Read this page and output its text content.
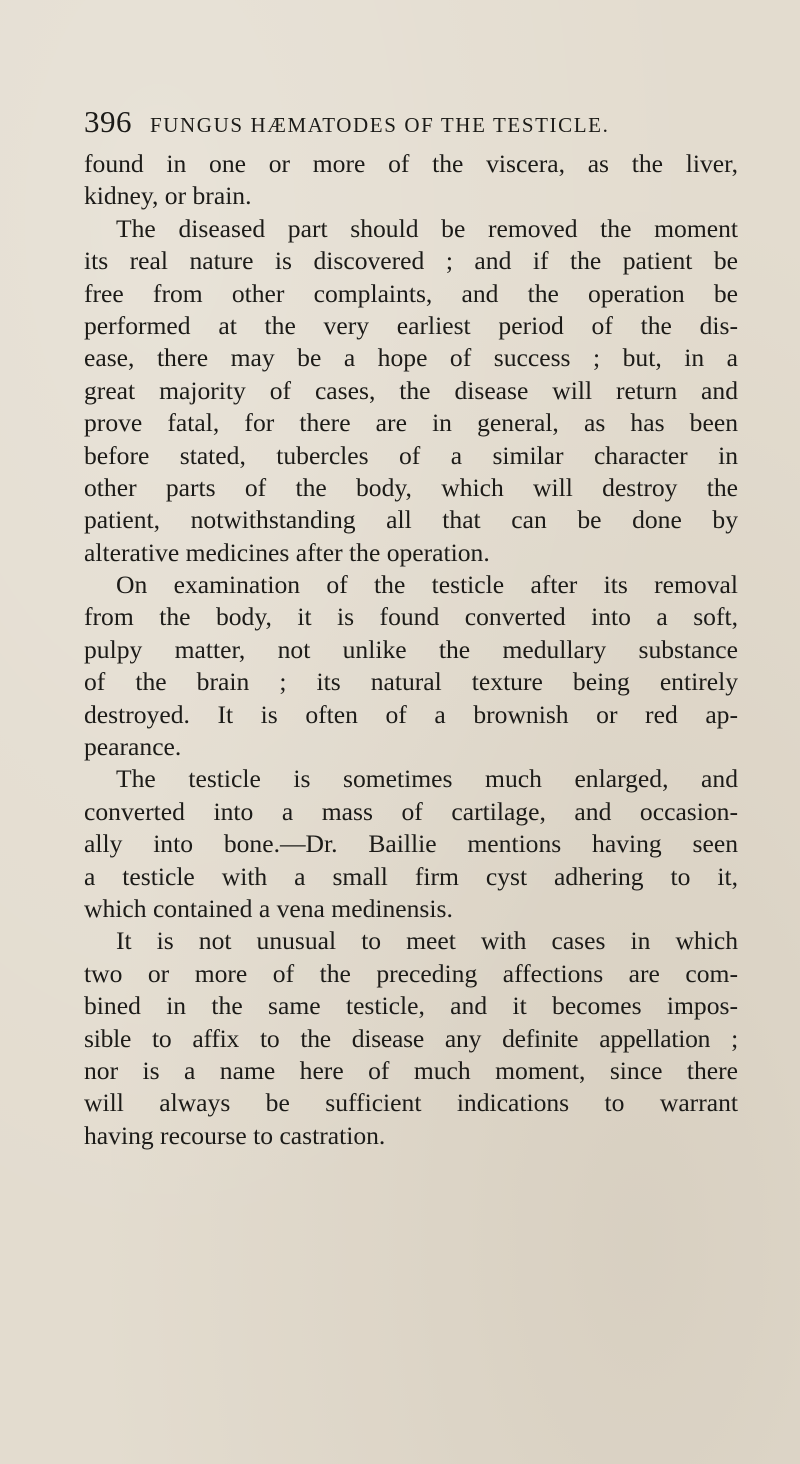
396 FUNGUS HÆMATODES OF THE TESTICLE.
found in one or more of the viscera, as the liver,
kidney, or brain.
The diseased part should be removed the moment
its real nature is discovered ; and if the patient be
free from other complaints, and the operation be
performed at the very earliest period of the dis-
ease, there may be a hope of success ; but, in a
great majority of cases, the disease will return and
prove fatal, for there are in general, as has been
before stated, tubercles of a similar character in
other parts of the body, which will destroy the
patient, notwithstanding all that can be done by
alterative medicines after the operation.
On examination of the testicle after its removal
from the body, it is found converted into a soft,
pulpy matter, not unlike the medullary substance
of the brain ; its natural texture being entirely
destroyed. It is often of a brownish or red ap-
pearance.
The testicle is sometimes much enlarged, and
converted into a mass of cartilage, and occasion-
ally into bone.—Dr. Baillie mentions having seen
a testicle with a small firm cyst adhering to it,
which contained a vena medinensis.
It is not unusual to meet with cases in which
two or more of the preceding affections are com-
bined in the same testicle, and it becomes impos-
sible to affix to the disease any definite appellation ;
nor is a name here of much moment, since there
will always be sufficient indications to warrant
having recourse to castration.
